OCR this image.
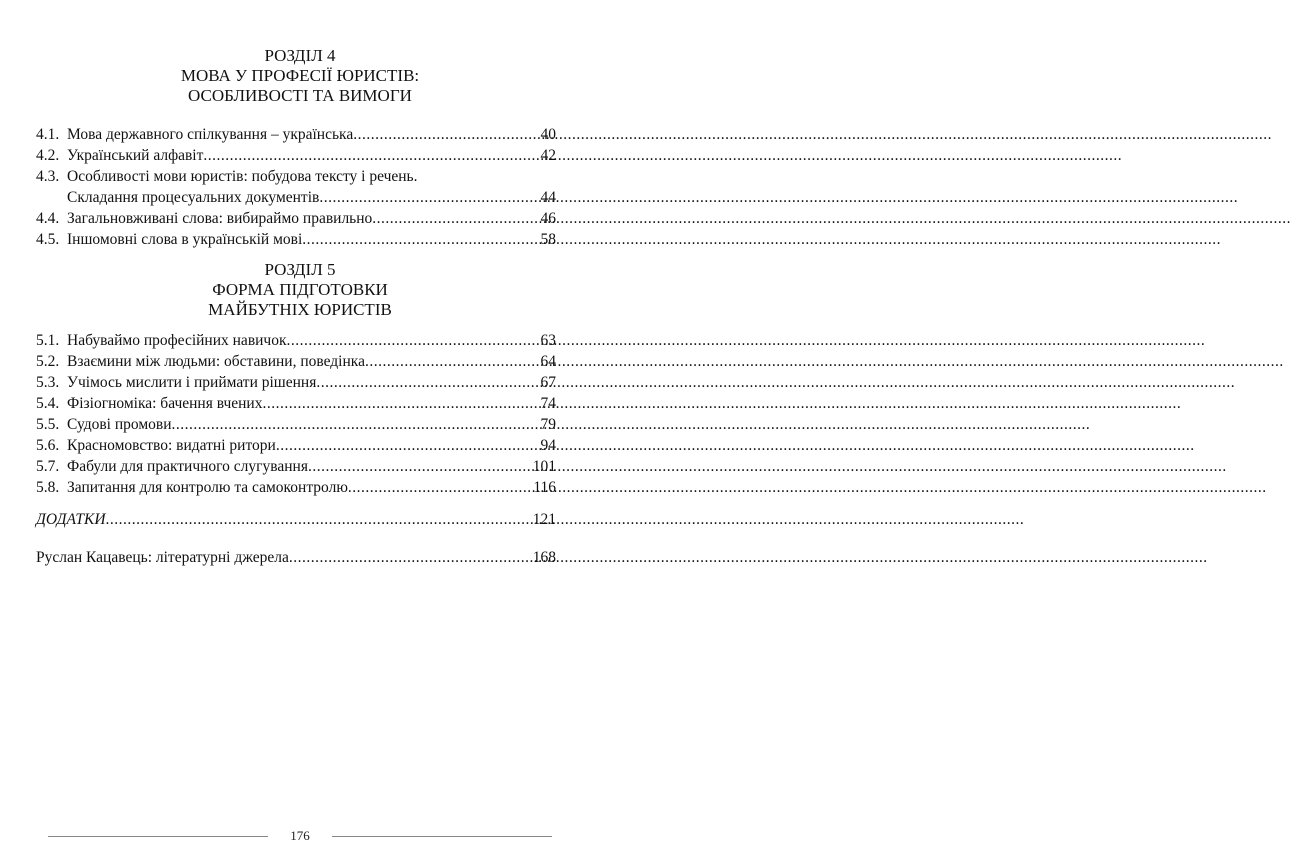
РОЗДІЛ 4
МОВА У ПРОФЕСІЇ ЮРИСТІВ:
ОСОБЛИВОСТІ ТА ВИМОГИ
4.1. Мова державного спілкування – українська .....	40
4.2. Український алфавіт .....	42
4.3. Особливості мови юристів: побудова тексту і речень.
Складання процесуальних документів .....	44
4.4. Загальновживані слова: вибираймо правильно .....	46
4.5. Іншомовні слова в українській мові .....	58
РОЗДІЛ 5
ФОРМА ПІДГОТОВКИ
МАЙБУТНІХ ЮРИСТІВ
5.1. Набуваймо професійних навичок .....	63
5.2. Взаємини між людьми: обставини, поведінка .....	64
5.3. Учімось мислити і приймати рішення .....	67
5.4. Фізіогноміка: бачення вчених .....	74
5.5. Судові промови .....	79
5.6. Красномовство: видатні ритори .....	94
5.7. Фабули для практичного слугування .....	101
5.8. Запитання для контролю та самоконтролю .....	116
ДОДАТКИ .....	121
Руслан Кацавець: літературні джерела .....	168
176
